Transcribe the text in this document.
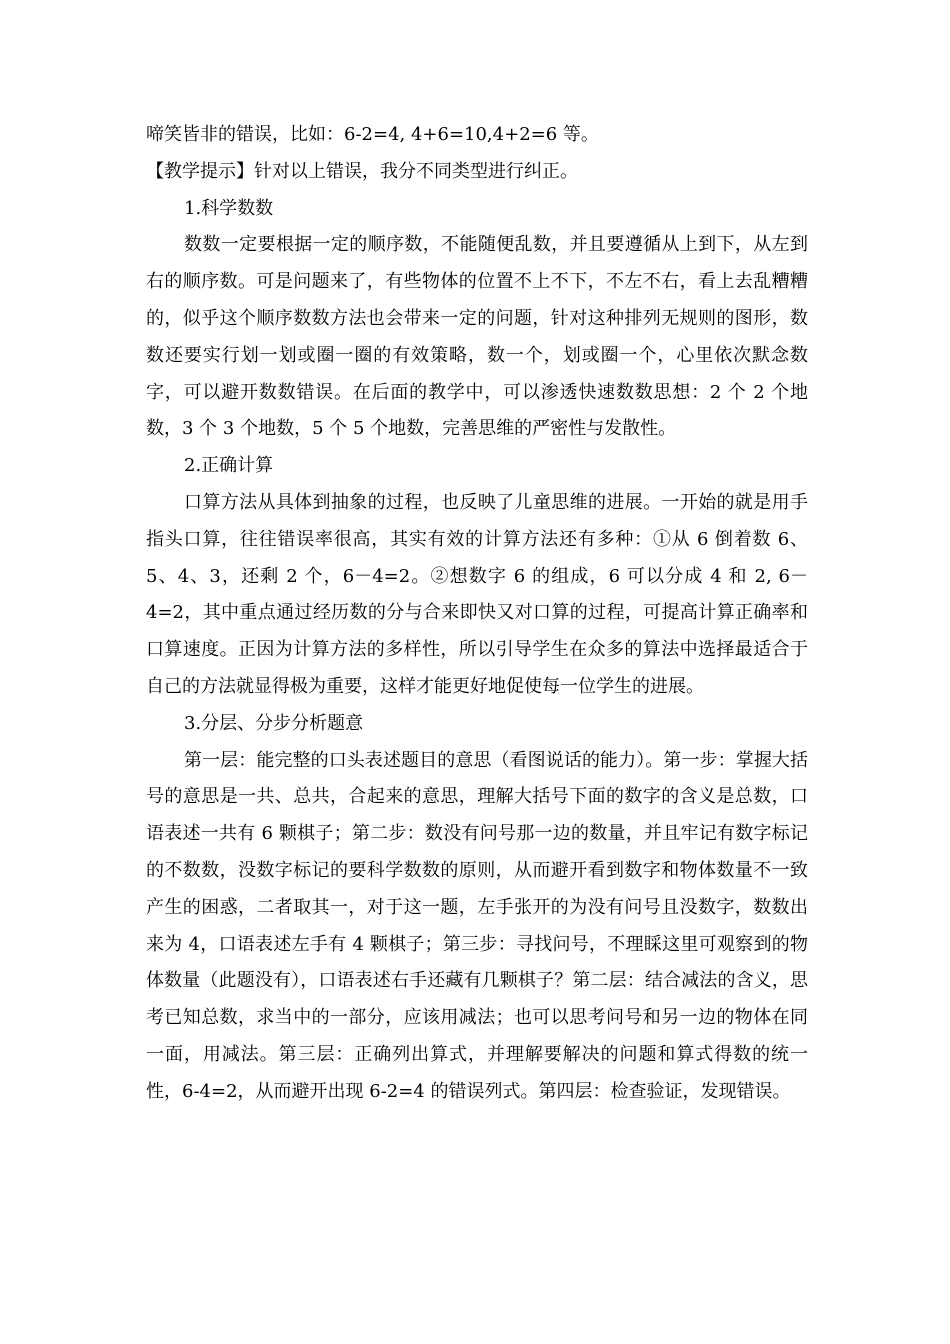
啼笑皆非的错误，比如：6-2=4, 4+6=10,4+2=6 等。

【教学提示】针对以上错误，我分不同类型进行纠正。

1.科学数数

数数一定要根据一定的顺序数，不能随便乱数，并且要遵循从上到下，从左到右的顺序数。可是问题来了，有些物体的位置不上不下，不左不右，看上去乱糟糟的，似乎这个顺序数数方法也会带来一定的问题，针对这种排列无规则的图形，数数还要实行划一划或圈一圈的有效策略，数一个，划或圈一个，心里依次默念数字，可以避开数数错误。在后面的教学中，可以渗透快速数数思想：2 个 2 个地数，3 个 3 个地数，5 个 5 个地数，完善思维的严密性与发散性。

2.正确计算

口算方法从具体到抽象的过程，也反映了儿童思维的进展。一开始的就是用手指头口算，往往错误率很高，其实有效的计算方法还有多种：①从 6 倒着数 6、5、4、3，还剩 2 个，6－4=2。②想数字 6 的组成，6 可以分成 4 和 2, 6－4=2，其中重点通过经历数的分与合来即快又对口算的过程，可提高计算正确率和口算速度。正因为计算方法的多样性，所以引导学生在众多的算法中选择最适合于自己的方法就显得极为重要，这样才能更好地促使每一位学生的进展。

3.分层、分步分析题意

第一层：能完整的口头表述题目的意思（看图说话的能力）。第一步：掌握大括号的意思是一共、总共，合起来的意思，理解大括号下面的数字的含义是总数，口语表述一共有 6 颗棋子；第二步：数没有问号那一边的数量，并且牢记有数字标记的不数数，没数字标记的要科学数数的原则，从而避开看到数字和物体数量不一致产生的困惑，二者取其一，对于这一题，左手张开的为没有问号且没数字，数数出来为 4，口语表述左手有 4 颗棋子；第三步：寻找问号，不理睬这里可观察到的物体数量（此题没有），口语表述右手还藏有几颗棋子？第二层：结合减法的含义，思考已知总数，求当中的一部分，应该用减法；也可以思考问号和另一边的物体在同一面，用减法。第三层：正确列出算式，并理解要解决的问题和算式得数的统一性，6-4=2，从而避开出现 6-2=4 的错误列式。第四层：检查验证，发现错误。
